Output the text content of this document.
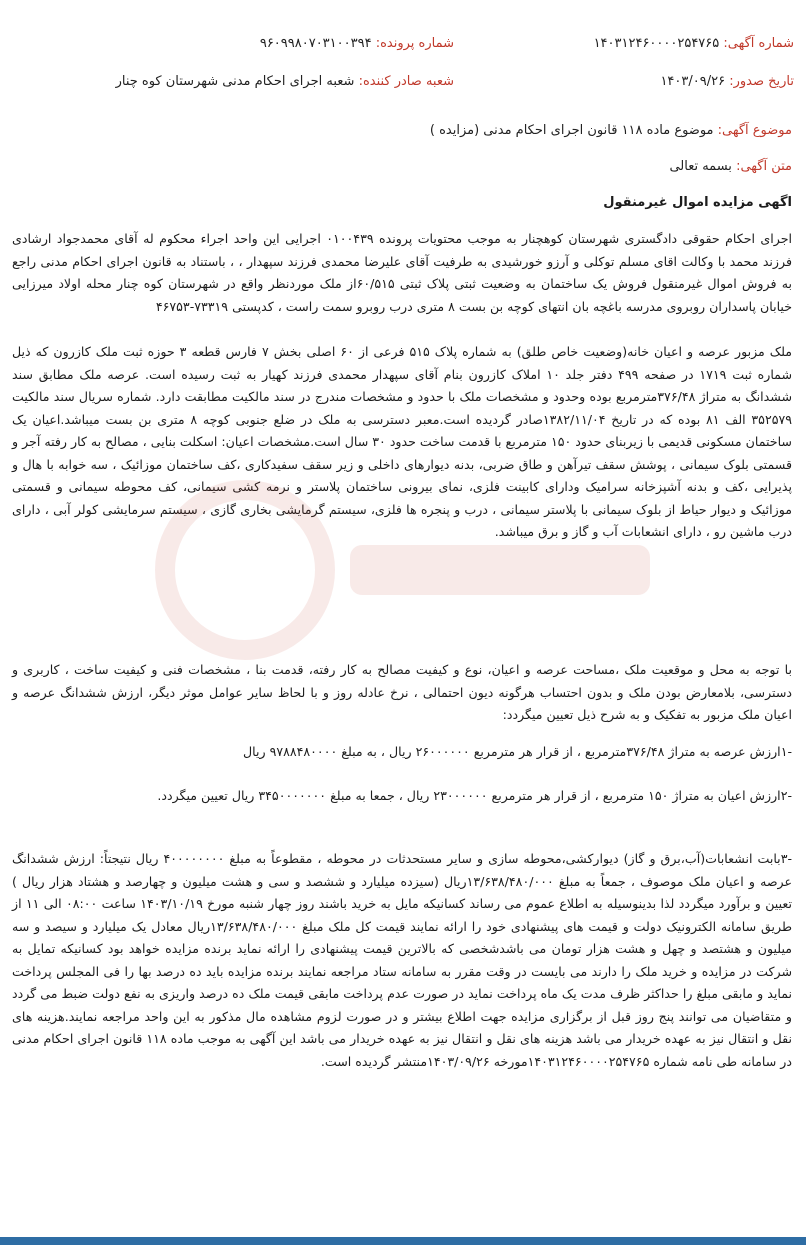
شماره آگهی: ۱۴۰۳۱۲۴۶۰۰۰۰۲۵۴۷۶۵
شماره پرونده: ۹۶۰۹۹۸۰۷۰۳۱۰۰۳۹۴
تاریخ صدور: ۱۴۰۳/۰۹/۲۶
شعبه صادر کننده: شعبه اجرای احکام مدنی شهرستان کوه چنار
موضوع آگهی: موضوع ماده ۱۱۸ قانون اجرای احکام مدنی (مزایده )
متن آگهی: بسمه تعالی
اگهی مزایده اموال غیرمنقول

اجرای احکام حقوقی دادگستری شهرستان کوهچنار به موجب محتویات پرونده ۰۱۰۰۴۳۹ اجرایی این واحد اجراء محکوم له آقای محمدجواد ارشادی فرزند محمد با وکالت اقای مسلم توکلی و آرزو خورشیدی به طرفیت آقای علیرضا محمدی فرزند سپهدار ، ، باستناد به قانون اجرای احکام مدنی راجع به فروش اموال غیرمنقول فروش یک ساختمان به وضعیت ثبتی پلاک ثبتی ۶۰/۵۱۵از ملک موردنظر واقع در شهرستان کوه چنار محله اولاد میرزایی خیابان پاسداران روبروی مدرسه باغچه بان انتهای کوچه بن بست ۸ متری درب روبرو سمت راست ، کدپستی ۷۳۳۱۹-۴۶۷۵۳

ملک مزبور عرصه و اعیان خانه(وضعیت خاص طلق) به شماره پلاک ۵۱۵ فرعی از ۶۰ اصلی بخش ۷ فارس قطعه ۳ حوزه ثبت ملک کازرون که ذیل شماره ثبت ۱۷۱۹ در صفحه ۴۹۹ دفتر جلد ۱۰ املاک کازرون بنام آقای سپهدار محمدی فرزند کهیار به ثبت رسیده است. عرصه ملک مطابق سند ششدانگ به متراژ ۳۷۶/۴۸مترمربع بوده وحدود و مشخصات ملک با حدود و مشخصات مندرج در سند مالکیت مطابقت دارد. شماره سریال سند مالکیت ۳۵۲۵۷۹ الف ۸۱ بوده که در تاریخ ۱۳۸۲/۱۱/۰۴صادر گردیده است.معبر دسترسی به ملک در ضلع جنوبی کوچه ۸ متری بن بست میباشد.اعیان یک ساختمان مسکونی قدیمی با زیربنای حدود ۱۵۰ مترمربع با قدمت ساخت حدود ۳۰ سال است.مشخصات اعیان: اسکلت بنایی ، مصالح به کار رفته آجر و قسمتی بلوک سیمانی ، پوشش سقف تیرآهن و طاق ضربی، بدنه دیوارهای داخلی و زیر سقف سفیدکاری ،کف ساختمان موزائیک ، سه خوابه با هال و پذیرایی ،کف و بدنه آشپزخانه سرامیک ودارای کابینت فلزی، نمای بیرونی ساختمان پلاستر و نرمه کشی سیمانی، کف محوطه سیمانی و قسمتی موزائیک و دیوار حیاط از بلوک سیمانی با پلاستر سیمانی ، درب و پنجره ها فلزی، سیستم گرمایشی بخاری گازی ، سیستم سرمایشی کولر آبی ، دارای درب ماشین رو ، دارای انشعابات آب و گاز و برق میباشد.

با توجه به محل و موقعیت ملک ،مساحت عرصه و اعیان، نوع و کیفیت مصالح به کار رفته، قدمت بنا ، مشخصات فنی و کیفیت ساخت ، کاربری و دسترسی، بلامعارض بودن ملک و بدون احتساب هرگونه دیون احتمالی ، نرخ عادله روز و با لحاظ سایر عوامل موثر دیگر، ارزش ششدانگ عرصه و اعیان ملک مزبور به تفکیک و به شرح ذیل تعیین میگردد:

-۱ارزش عرصه به متراژ ۳۷۶/۴۸مترمربع ، از قرار هر مترمربع ۲۶۰۰۰۰۰۰ ریال ، به مبلغ ۹۷۸۸۴۸۰۰۰۰ ریال

-۲ارزش اعیان به متراژ ۱۵۰ مترمربع ، از قرار هر مترمربع ۲۳۰۰۰۰۰۰ ریال ، جمعا به مبلغ ۳۴۵۰۰۰۰۰۰۰ ریال تعیین میگردد.

-۳بابت انشعابات(آب،برق و گاز) دیوارکشی،محوطه سازی و سایر مستحدثات در محوطه ، مقطوعاً به مبلغ ۴۰۰۰۰۰۰۰۰ ریال نتیجتاً: ارزش ششدانگ عرصه و اعیان ملک موصوف ، جمعاً به مبلغ ۱۳/۶۳۸/۴۸۰/۰۰۰ریال (سیزده میلیارد و ششصد و سی و هشت میلیون و چهارصد و هشتاد هزار ریال ) تعیین و برآورد میگردد لذا بدینوسیله به اطلاع عموم می رساند کسانیکه مایل به خرید باشند روز چهار شنبه مورخ ۱۴۰۳/۱۰/۱۹ ساعت ۰۸:۰۰ الی ۱۱ از طریق سامانه الکترونیک دولت و قیمت های پیشنهادی خود را ارائه نمایند قیمت کل ملک مبلغ ۱۳/۶۳۸/۴۸۰/۰۰۰ریال معادل یک میلیارد و سیصد و سه میلیون و هشتصد و چهل و هشت هزار تومان می باشدشخصی که بالاترین قیمت پیشنهادی را ارائه نماید برنده مزایده خواهد بود کسانیکه تمایل به شرکت در مزایده و خرید ملک را دارند می بایست در وقت مقرر به سامانه ستاد مراجعه نمایند برنده مزایده باید ده درصد بها را فی المجلس پرداخت نماید و مابقی مبلغ را حداکثر ظرف مدت یک ماه پرداخت نماید در صورت عدم پرداخت مابقی قیمت ملک ده درصد واریزی به نفع دولت ضبط می گردد و متقاضیان می توانند پنج روز قبل از برگزاری مزایده جهت اطلاع بیشتر و در صورت لزوم مشاهده مال مذکور به این واحد مراجعه نمایند.هزینه های نقل و انتقال نیز به عهده خریدار می باشد هزینه های نقل و انتقال نیز به عهده خریدار می باشد این آگهی به موجب ماده ۱۱۸ قانون اجرای احکام مدنی در سامانه طی نامه شماره ۱۴۰۳۱۲۴۶۰۰۰۰۲۵۴۷۶۵مورخه ۱۴۰۳/۰۹/۲۶منتشر گردیده است.
